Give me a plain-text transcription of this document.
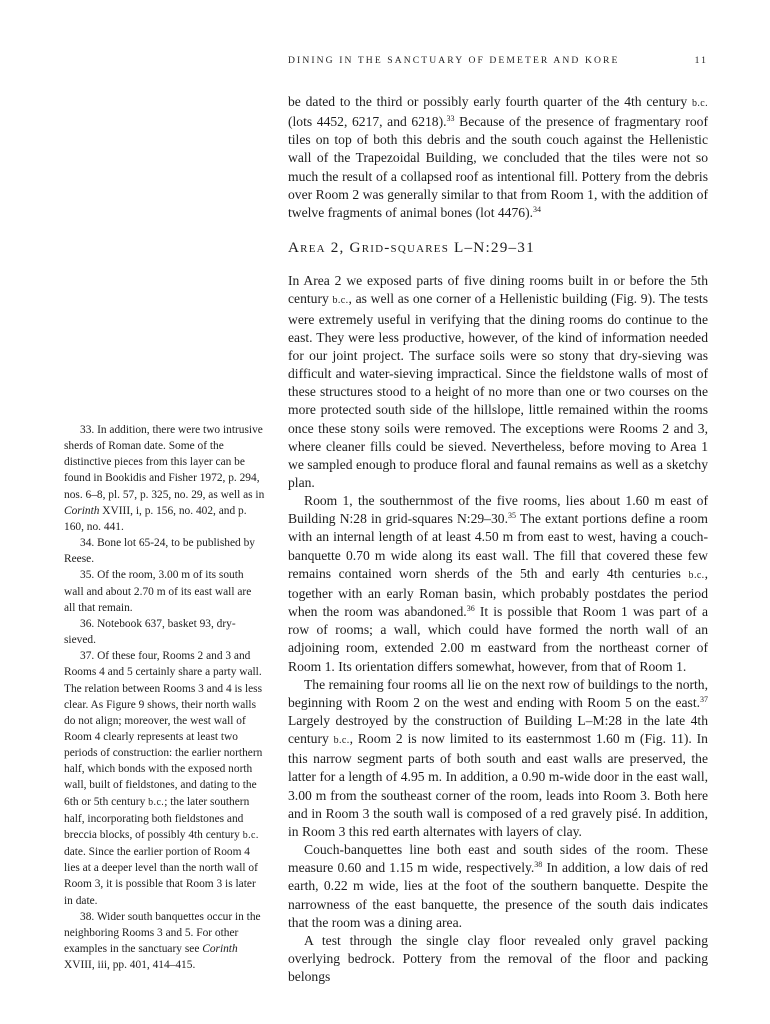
DINING IN THE SANCTUARY OF DEMETER AND KORE	11

be dated to the third or possibly early fourth quarter of the 4th century b.c. (lots 4452, 6217, and 6218).$^{33}$ Because of the presence of fragmentary roof tiles on top of both this debris and the south couch against the Hellenistic wall of the Trapezoidal Building, we concluded that the tiles were not so much the result of a collapsed roof as intentional fill. Pottery from the debris over Room 2 was generally similar to that from Room 1, with the addition of twelve fragments of animal bones (lot 4476).$^{34}$

Area 2, Grid-squares L–N:29–31

In Area 2 we exposed parts of five dining rooms built in or before the 5th century b.c., as well as one corner of a Hellenistic building (Fig. 9). The tests were extremely useful in verifying that the dining rooms do continue to the east. They were less productive, however, of the kind of information needed for our joint project. The surface soils were so stony that dry-sieving was difficult and water-sieving impractical. Since the fieldstone walls of most of these structures stood to a height of no more than one or two courses on the more protected south side of the hillslope, little remained within the rooms once these stony soils were removed. The exceptions were Rooms 2 and 3, where cleaner fills could be sieved. Nevertheless, before moving to Area 1 we sampled enough to produce floral and faunal remains as well as a sketchy plan.

Room 1, the southernmost of the five rooms, lies about 1.60 m east of Building N:28 in grid-squares N:29–30.35 The extant portions define a room with an internal length of at least 4.50 m from east to west, having a couch-banquette 0.70 m wide along its east wall. The fill that covered these few remains contained worn sherds of the 5th and early 4th centuries b.c., together with an early Roman basin, which probably postdates the period when the room was abandoned.$^{36}$ It is possible that Room 1 was part of a row of rooms; a wall, which could have formed the north wall of an adjoining room, extended 2.00 m eastward from the northeast corner of Room 1. Its orientation differs somewhat, however, from that of Room 1.

The remaining four rooms all lie on the next row of buildings to the north, beginning with Room 2 on the west and ending with Room 5 on the east.$^{37}$ Largely destroyed by the construction of Building L–M:28 in the late 4th century b.c., Room 2 is now limited to its easternmost 1.60 m (Fig. 11). In this narrow segment parts of both south and east walls are preserved, the latter for a length of 4.95 m. In addition, a 0.90 m-wide door in the east wall, 3.00 m from the southeast corner of the room, leads into Room 3. Both here and in Room 3 the south wall is composed of a red gravely pisé. In addition, in Room 3 this red earth alternates with layers of clay.

Couch-banquettes line both east and south sides of the room. These measure 0.60 and 1.15 m wide, respectively.$^{38}$ In addition, a low dais of red earth, 0.22 m wide, lies at the foot of the southern banquette. Despite the narrowness of the east banquette, the presence of the south dais indicates that the room was a dining area.

A test through the single clay floor revealed only gravel packing overlying bedrock. Pottery from the removal of the floor and packing belongs

33. In addition, there were two intrusive sherds of Roman date. Some of the distinctive pieces from this layer can be found in Bookidis and Fisher 1972, p. 294, nos. 6–8, pl. 57, p. 325, no. 29, as well as in Corinth XVIII, i, p. 156, no. 402, and p. 160, no. 441.

34. Bone lot 65-24, to be published by Reese.

35. Of the room, 3.00 m of its south wall and about 2.70 m of its east wall are all that remain.

36. Notebook 637, basket 93, dry-sieved.

37. Of these four, Rooms 2 and 3 and Rooms 4 and 5 certainly share a party wall. The relation between Rooms 3 and 4 is less clear. As Figure 9 shows, their north walls do not align; moreover, the west wall of Room 4 clearly represents at least two periods of construction: the earlier northern half, which bonds with the exposed north wall, built of fieldstones, and dating to the 6th or 5th century b.c.; the later southern half, incorporating both fieldstones and breccia blocks, of possibly 4th century b.c. date. Since the earlier portion of Room 4 lies at a deeper level than the north wall of Room 3, it is possible that Room 3 is later in date.

38. Wider south banquettes occur in the neighboring Rooms 3 and 5. For other examples in the sanctuary see Corinth XVIII, iii, pp. 401, 414–415.
